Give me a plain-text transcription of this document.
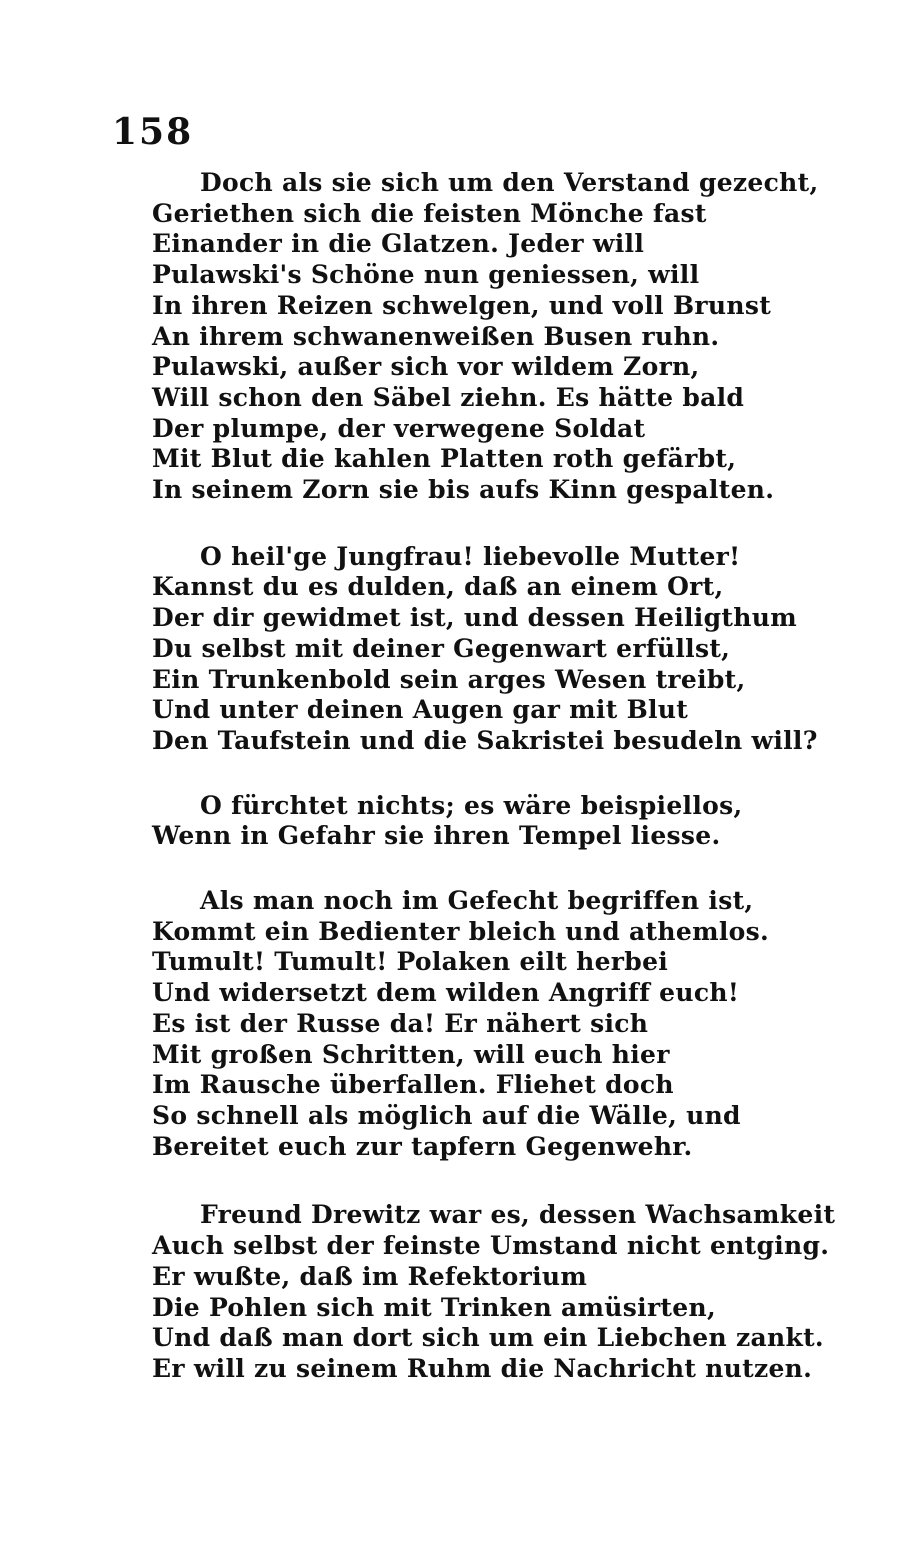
158
Doch als sie sich um den Verstand gezecht,
Geriethen sich die feisten Mönche fast
Einander in die Glatzen. Jeder will
Pulawski's Schöne nun geniessen, will
In ihren Reizen schwelgen, und voll Brunst
An ihrem schwanenweißen Busen ruhn.
Pulawski, außer sich vor wildem Zorn,
Will schon den Säbel ziehn. Es hätte bald
Der plumpe, der verwegene Soldat
Mit Blut die kahlen Platten roth gefärbt,
In seinem Zorn sie bis aufs Kinn gespalten.
O heil'ge Jungfrau! liebevolle Mutter!
Kannst du es dulden, daß an einem Ort,
Der dir gewidmet ist, und dessen Heiligthum
Du selbst mit deiner Gegenwart erfüllst,
Ein Trunkenbold sein arges Wesen treibt,
Und unter deinen Augen gar mit Blut
Den Taufstein und die Sakristei besudeln will?
O fürchtet nichts; es wäre beispiellos,
Wenn in Gefahr sie ihren Tempel liesse.
Als man noch im Gefecht begriffen ist,
Kommt ein Bedienter bleich und athemlos.
Tumult! Tumult! Polaken eilt herbei
Und widersetzt dem wilden Angriff euch!
Es ist der Russe da! Er nähert sich
Mit großen Schritten, will euch hier
Im Rausche überfallen. Fliehet doch
So schnell als möglich auf die Wälle, und
Bereitet euch zur tapfern Gegenwehr.
Freund Drewitz war es, dessen Wachsamkeit
Auch selbst der feinste Umstand nicht entging.
Er wußte, daß im Refektorium
Die Pohlen sich mit Trinken amüsirten,
Und daß man dort sich um ein Liebchen zankt.
Er will zu seinem Ruhm die Nachricht nutzen.
